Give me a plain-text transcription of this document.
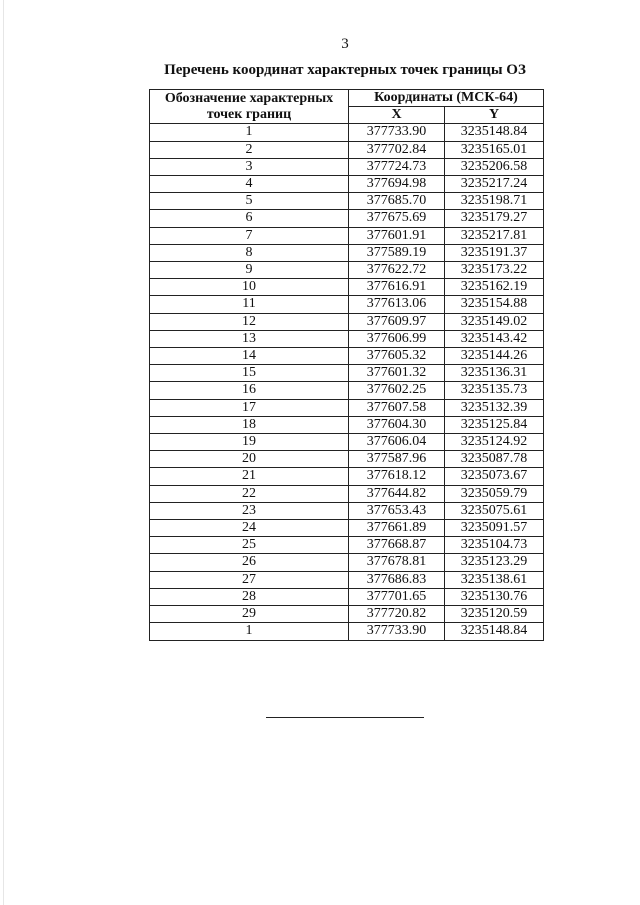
3
Перечень координат характерных точек границы ОЗ
Обозначение характерных точек границ	Координаты (МСК-64)	
	X	Y
1	377733.90	3235148.84
2	377702.84	3235165.01
3	377724.73	3235206.58
4	377694.98	3235217.24
5	377685.70	3235198.71
6	377675.69	3235179.27
7	377601.91	3235217.81
8	377589.19	3235191.37
9	377622.72	3235173.22
10	377616.91	3235162.19
11	377613.06	3235154.88
12	377609.97	3235149.02
13	377606.99	3235143.42
14	377605.32	3235144.26
15	377601.32	3235136.31
16	377602.25	3235135.73
17	377607.58	3235132.39
18	377604.30	3235125.84
19	377606.04	3235124.92
20	377587.96	3235087.78
21	377618.12	3235073.67
22	377644.82	3235059.79
23	377653.43	3235075.61
24	377661.89	3235091.57
25	377668.87	3235104.73
26	377678.81	3235123.29
27	377686.83	3235138.61
28	377701.65	3235130.76
29	377720.82	3235120.59
1	377733.90	3235148.84
